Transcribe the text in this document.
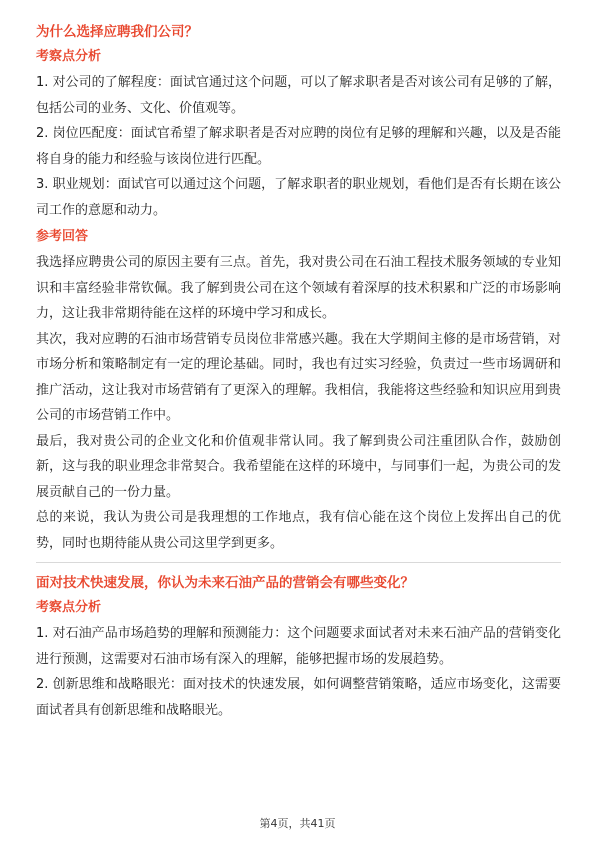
为什么选择应聘我们公司？
考察点分析

1. 对公司的了解程度：面试官通过这个问题，可以了解求职者是否对该公司有足够的了解，包括公司的业务、文化、价值观等。

2. 岗位匹配度：面试官希望了解求职者是否对应聘的岗位有足够的理解和兴趣，以及是否能将自身的能力和经验与该岗位进行匹配。

3. 职业规划：面试官可以通过这个问题，了解求职者的职业规划，看他们是否有长期在该公司工作的意愿和动力。

参考回答

我选择应聘贵公司的原因主要有三点。首先，我对贵公司在石油工程技术服务领域的专业知识和丰富经验非常钦佩。我了解到贵公司在这个领域有着深厚的技术积累和广泛的市场影响力，这让我非常期待能在这样的环境中学习和成长。

其次，我对应聘的石油市场营销专员岗位非常感兴趣。我在大学期间主修的是市场营销，对市场分析和策略制定有一定的理论基础。同时，我也有过实习经验，负责过一些市场调研和推广活动，这让我对市场营销有了更深入的理解。我相信，我能将这些经验和知识应用到贵公司的市场营销工作中。

最后，我对贵公司的企业文化和价值观非常认同。我了解到贵公司注重团队合作，鼓励创新，这与我的职业理念非常契合。我希望能在这样的环境中，与同事们一起，为贵公司的发展贡献自己的一份力量。

总的来说，我认为贵公司是我理想的工作地点，我有信心能在这个岗位上发挥出自己的优势，同时也期待能从贵公司这里学到更多。

面对技术快速发展，你认为未来石油产品的营销会有哪些变化？
考察点分析

1. 对石油产品市场趋势的理解和预测能力：这个问题要求面试者对未来石油产品的营销变化进行预测，这需要对石油市场有深入的理解，能够把握市场的发展趋势。

2. 创新思维和战略眼光：面对技术的快速发展，如何调整营销策略，适应市场变化，这需要面试者具有创新思维和战略眼光。

第4页，共41页
